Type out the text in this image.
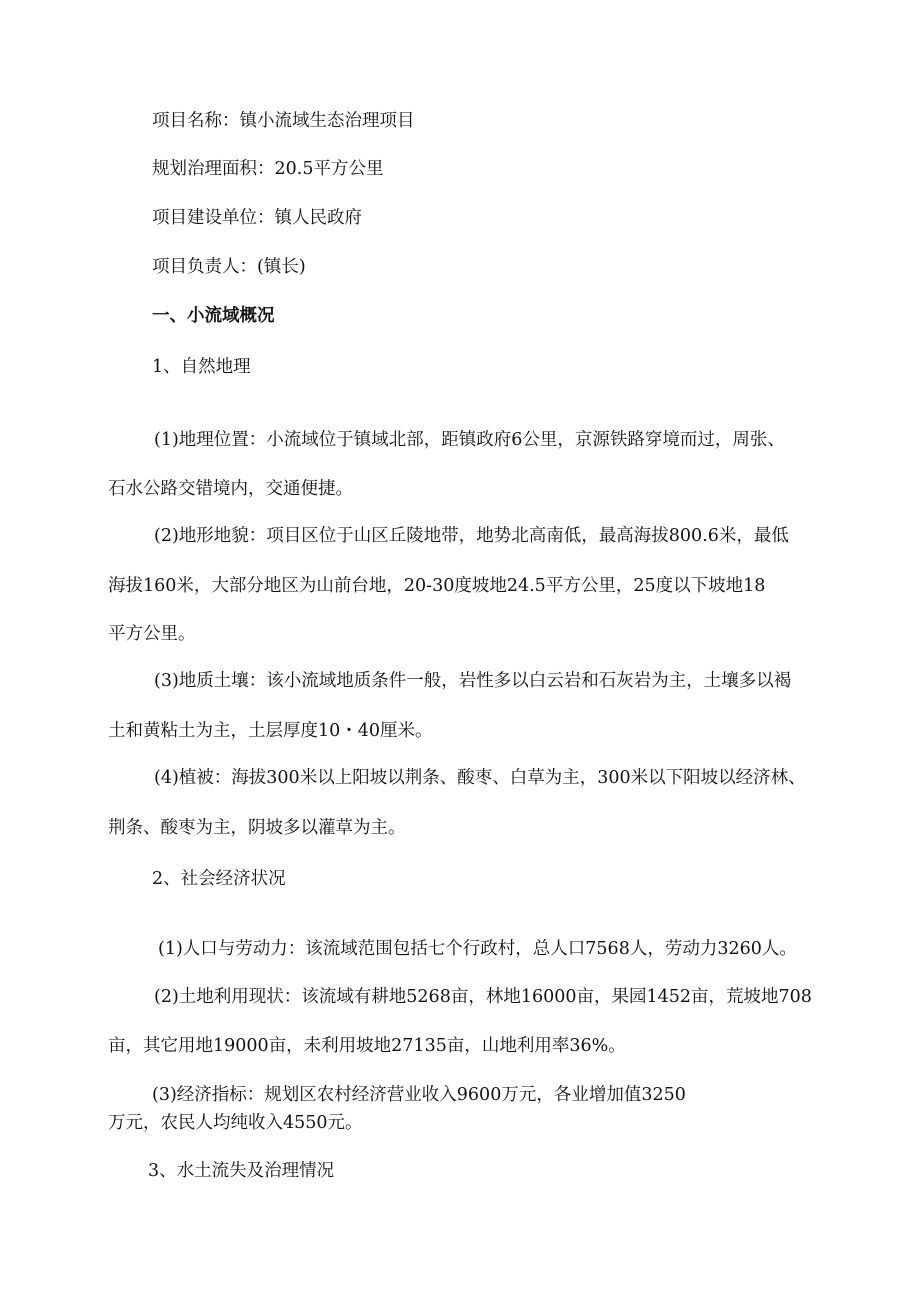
项目名称：镇小流域生态治理项目
规划治理面积：20.5平方公里
项目建设单位：镇人民政府
项目负责人：(镇长)
一、小流域概况
1、自然地理
(1)地理位置：小流域位于镇域北部，距镇政府6公里，京源铁路穿境而过，周张、
石水公路交错境内，交通便捷。
(2)地形地貌：项目区位于山区丘陵地带，地势北高南低，最高海拔800.6米，最低
海拔160米，大部分地区为山前台地，20-30度坡地24.5平方公里，25度以下坡地18
平方公里。
(3)地质土壤：该小流域地质条件一般，岩性多以白云岩和石灰岩为主，土壤多以褐
土和黄粘土为主，土层厚度10・40厘米。
(4)植被：海拔300米以上阳坡以荆条、酸枣、白草为主，300米以下阳坡以经济林、
荆条、酸枣为主，阴坡多以灌草为主。
2、社会经济状况
(1)人口与劳动力：该流域范围包括七个行政村，总人口7568人，劳动力3260人。
(2)土地利用现状：该流域有耕地5268亩，林地16000亩，果园1452亩，荒坡地708
亩，其它用地19000亩，未利用坡地27135亩，山地利用率36%。
(3)经济指标：规划区农村经济营业收入9600万元，各业增加值3250
万元，农民人均纯收入4550元。
3、水土流失及治理情况
